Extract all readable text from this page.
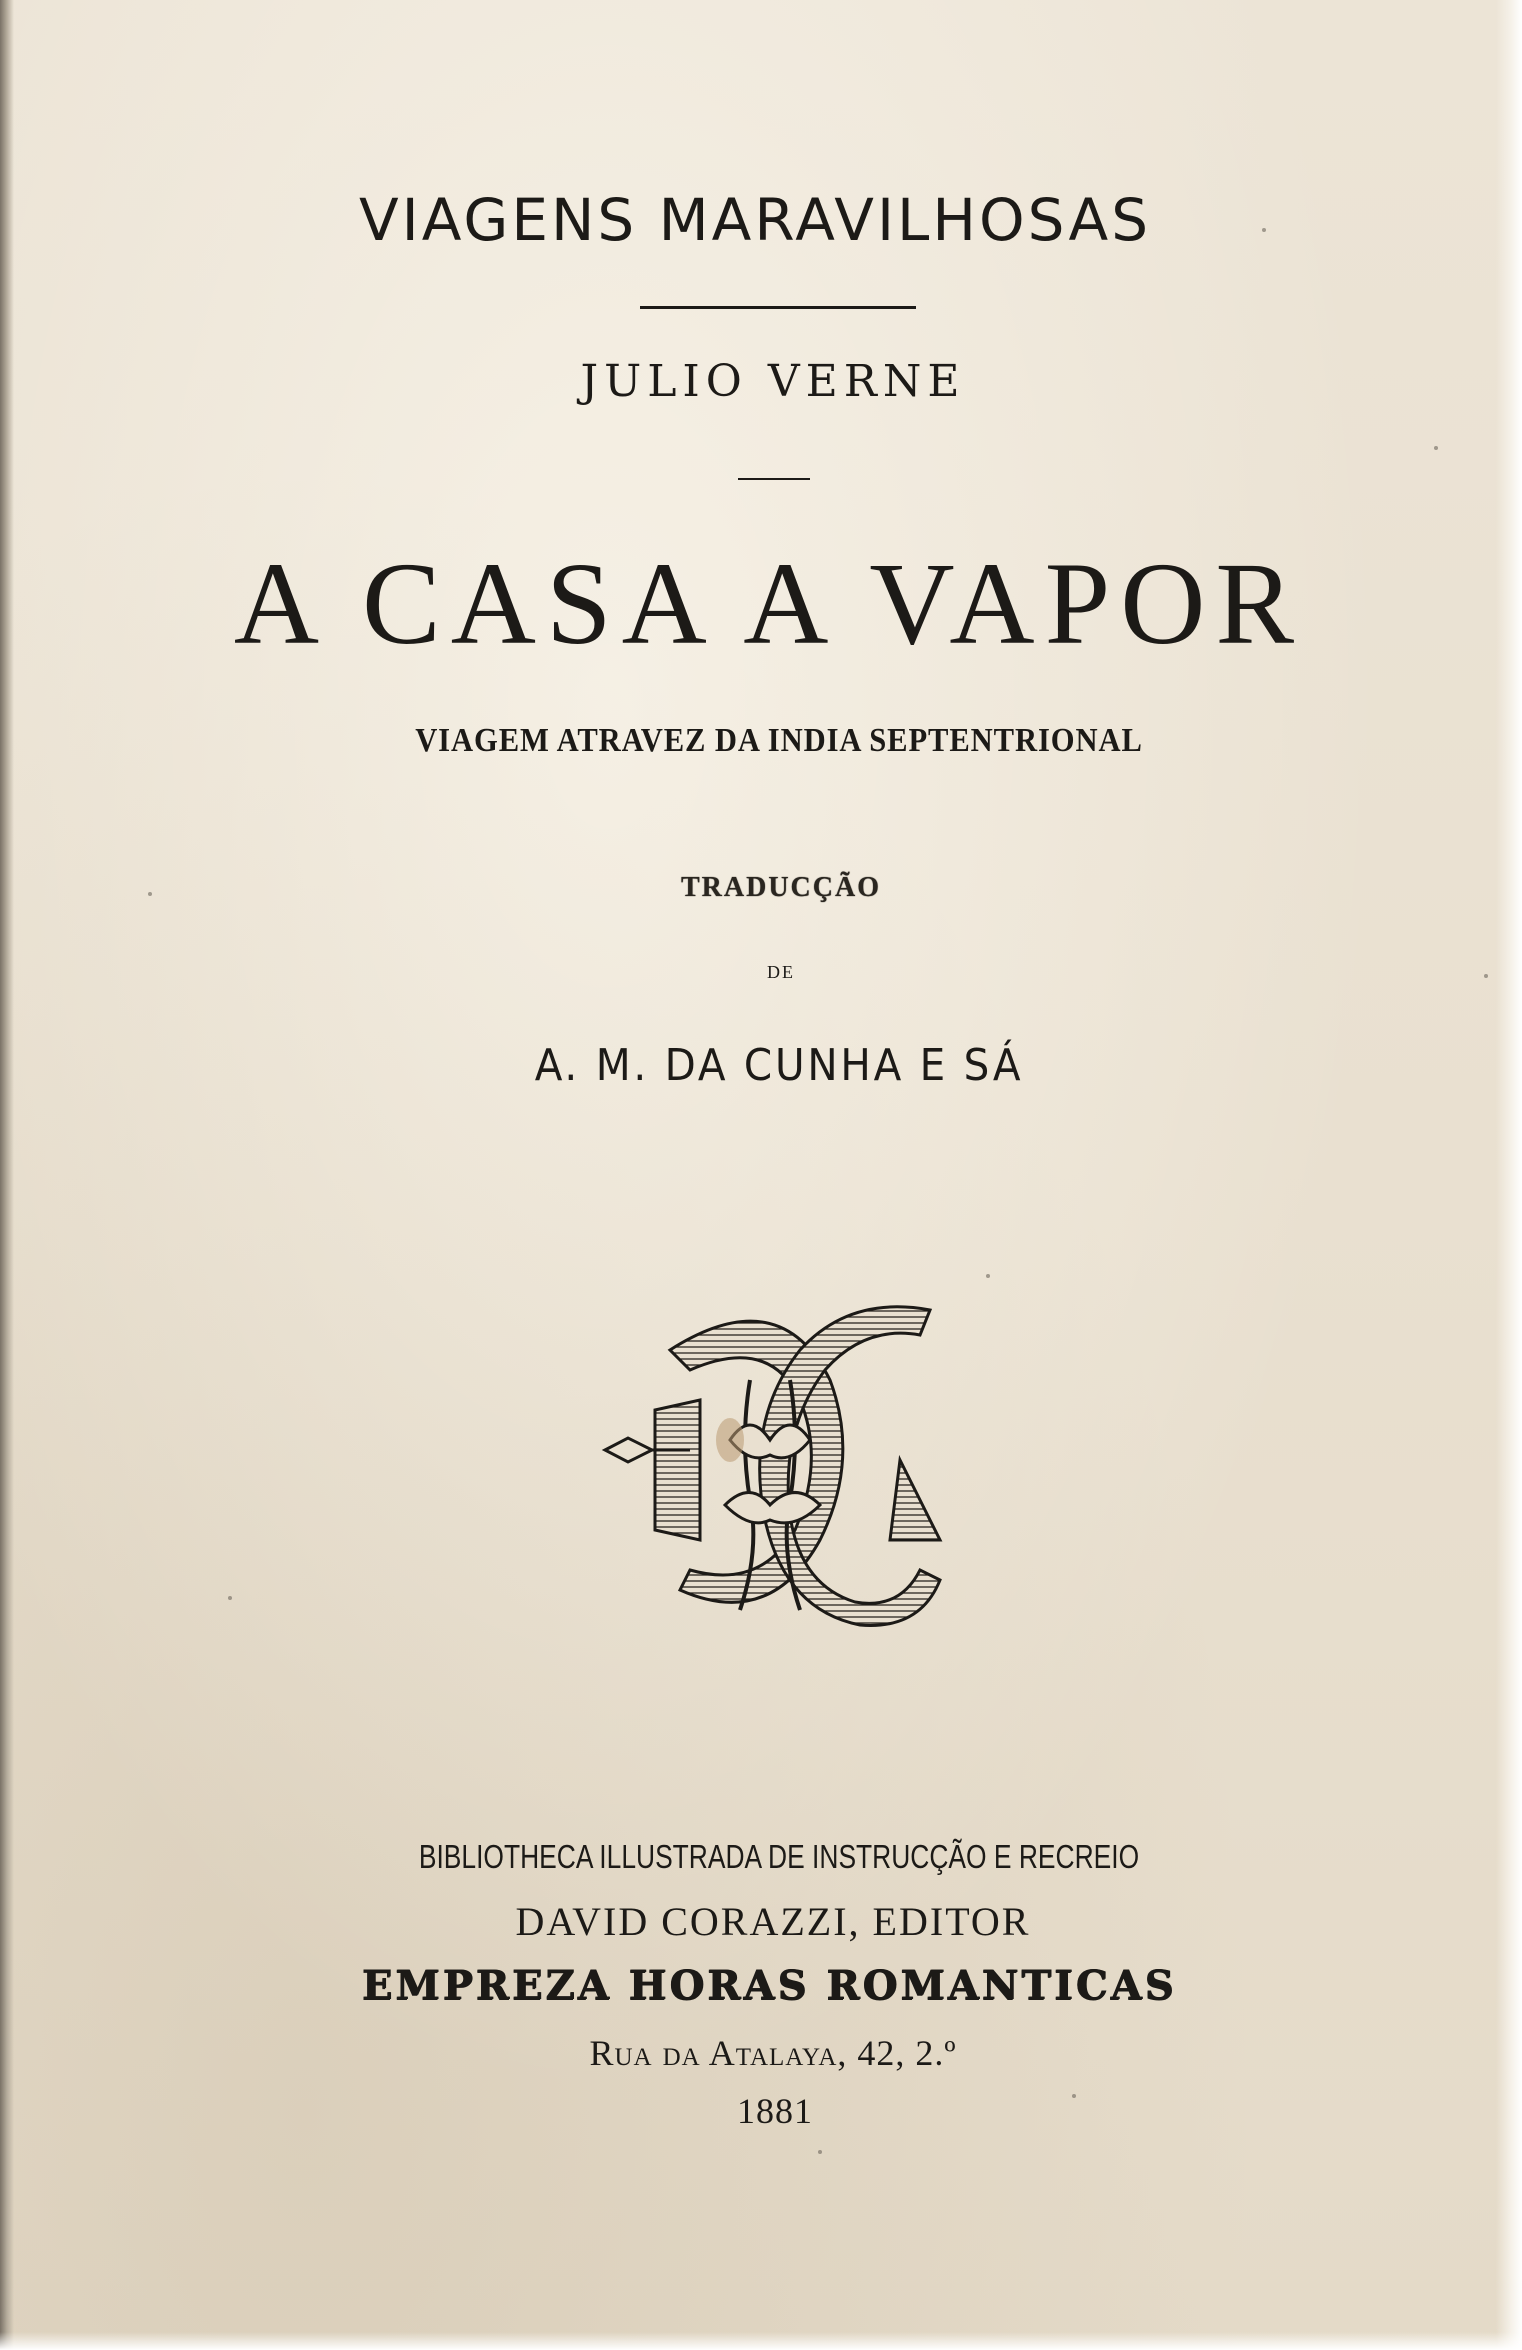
VIAGENS MARAVILHOSAS
JULIO VERNE
A CASA A VAPOR
VIAGEM ATRAVEZ DA INDIA SEPTENTRIONAL
TRADUCÇÃO
DE
A. M. DA CUNHA E SÁ
BIBLIOTHECA ILLUSTRADA DE INSTRUCÇÃO E RECREIO
DAVID CORAZZI, EDITOR
EMPREZA HORAS ROMANTICAS
Rua da Atalaya, 42, 2.º
1881
